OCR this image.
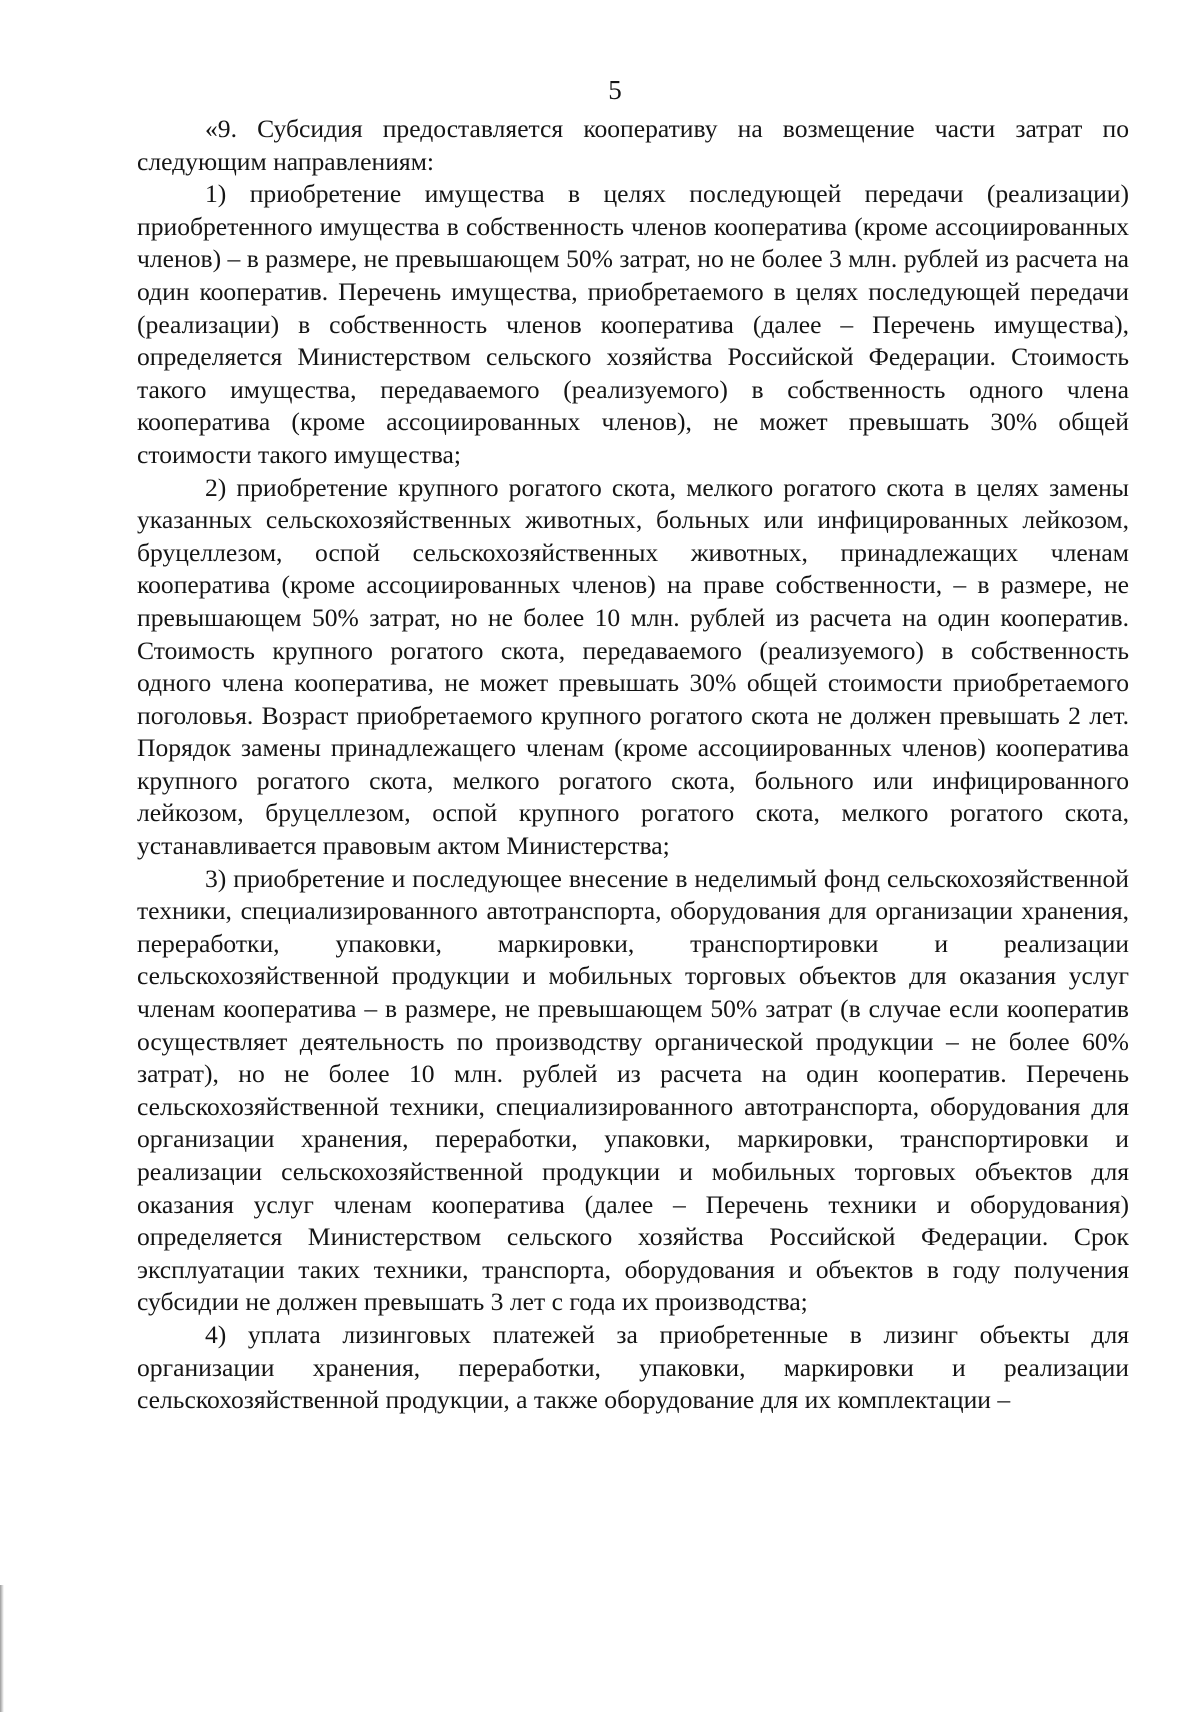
5

«9. Субсидия предоставляется кооперативу на возмещение части затрат по следующим направлениям:

1) приобретение имущества в целях последующей передачи (реализации) приобретенного имущества в собственность членов кооператива (кроме ассоциированных членов) – в размере, не превышающем 50% затрат, но не более 3 млн. рублей из расчета на один кооператив. Перечень имущества, приобретаемого в целях последующей передачи (реализации) в собственность членов кооператива (далее – Перечень имущества), определяется Министерством сельского хозяйства Российской Федерации. Стоимость такого имущества, передаваемого (реализуемого) в собственность одного члена кооператива (кроме ассоциированных членов), не может превышать 30% общей стоимости такого имущества;

2) приобретение крупного рогатого скота, мелкого рогатого скота в целях замены указанных сельскохозяйственных животных, больных или инфицированных лейкозом, бруцеллезом, оспой сельскохозяйственных животных, принадлежащих членам кооператива (кроме ассоциированных членов) на праве собственности, – в размере, не превышающем 50% затрат, но не более 10 млн. рублей из расчета на один кооператив. Стоимость крупного рогатого скота, передаваемого (реализуемого) в собственность одного члена кооператива, не может превышать 30% общей стоимости приобретаемого поголовья. Возраст приобретаемого крупного рогатого скота не должен превышать 2 лет. Порядок замены принадлежащего членам (кроме ассоциированных членов) кооператива крупного рогатого скота, мелкого рогатого скота, больного или инфицированного лейкозом, бруцеллезом, оспой крупного рогатого скота, мелкого рогатого скота, устанавливается правовым актом Министерства;

3) приобретение и последующее внесение в неделимый фонд сельскохозяйственной техники, специализированного автотранспорта, оборудования для организации хранения, переработки, упаковки, маркировки, транспортировки и реализации сельскохозяйственной продукции и мобильных торговых объектов для оказания услуг членам кооператива – в размере, не превышающем 50% затрат (в случае если кооператив осуществляет деятельность по производству органической продукции – не более 60% затрат), но не более 10 млн. рублей из расчета на один кооператив. Перечень сельскохозяйственной техники, специализированного автотранспорта, оборудования для организации хранения, переработки, упаковки, маркировки, транспортировки и реализации сельскохозяйственной продукции и мобильных торговых объектов для оказания услуг членам кооператива (далее – Перечень техники и оборудования) определяется Министерством сельского хозяйства Российской Федерации. Срок эксплуатации таких техники, транспорта, оборудования и объектов в году получения субсидии не должен превышать 3 лет с года их производства;

4) уплата лизинговых платежей за приобретенные в лизинг объекты для организации хранения, переработки, упаковки, маркировки и реализации сельскохозяйственной продукции, а также оборудование для их комплектации –
